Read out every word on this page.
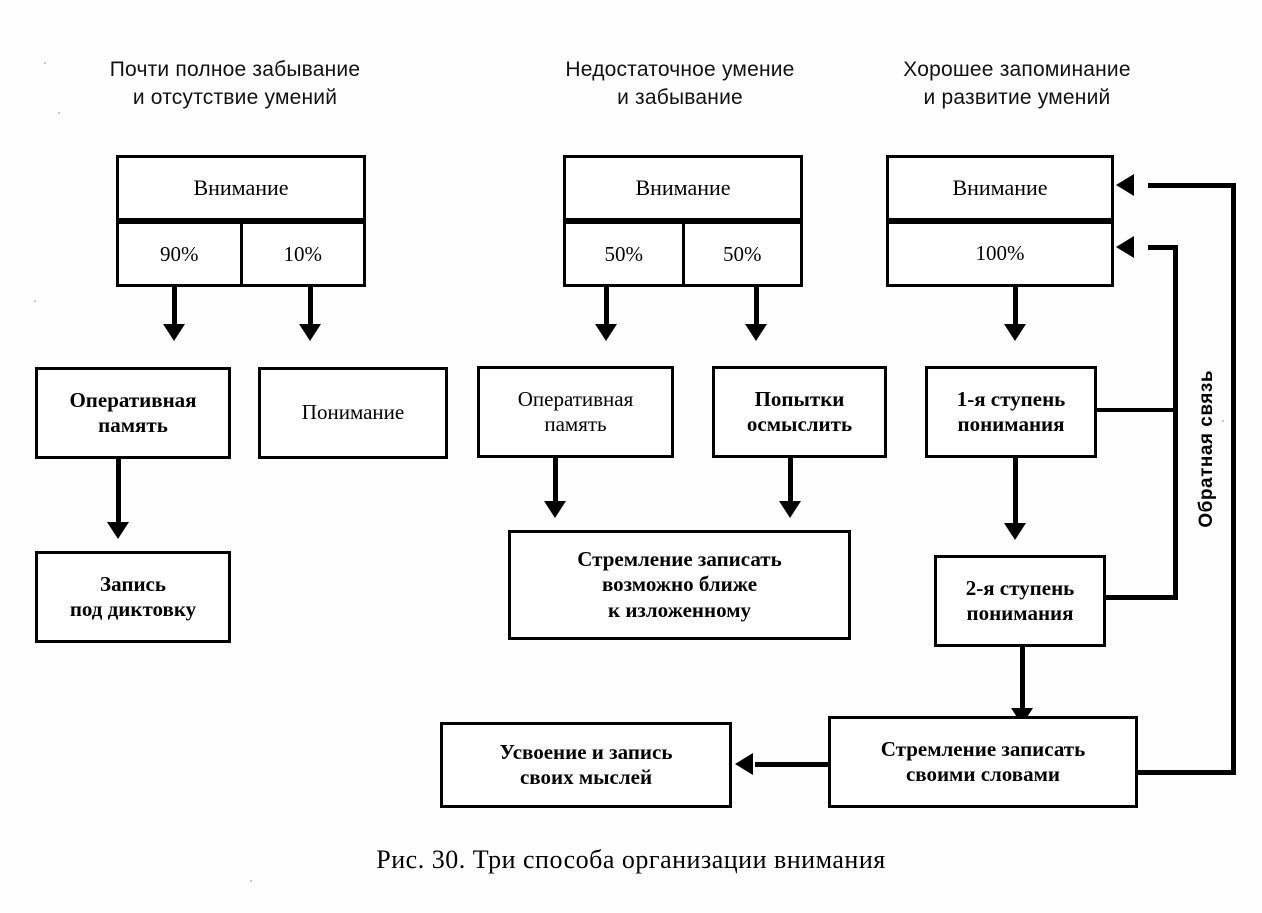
Почти полное забывание
и отсутствие умений
Недостаточное умение
и забывание
Хорошее запоминание
и развитие умений
Внимание
90%	10%
Оперативная
память
Понимание
Запись
под диктовку
Внимание
50%	50%
Оперативная
память
Попытки
осмыслить
Стремление записать
возможно ближе
к изложенному
Внимание
100%
1-я ступень
понимания
2-я ступень
понимания
Стремление записать
своими словами
Усвоение и запись
своих мыслей
Обратная связь
Рис. 30. Три способа организации внимания
